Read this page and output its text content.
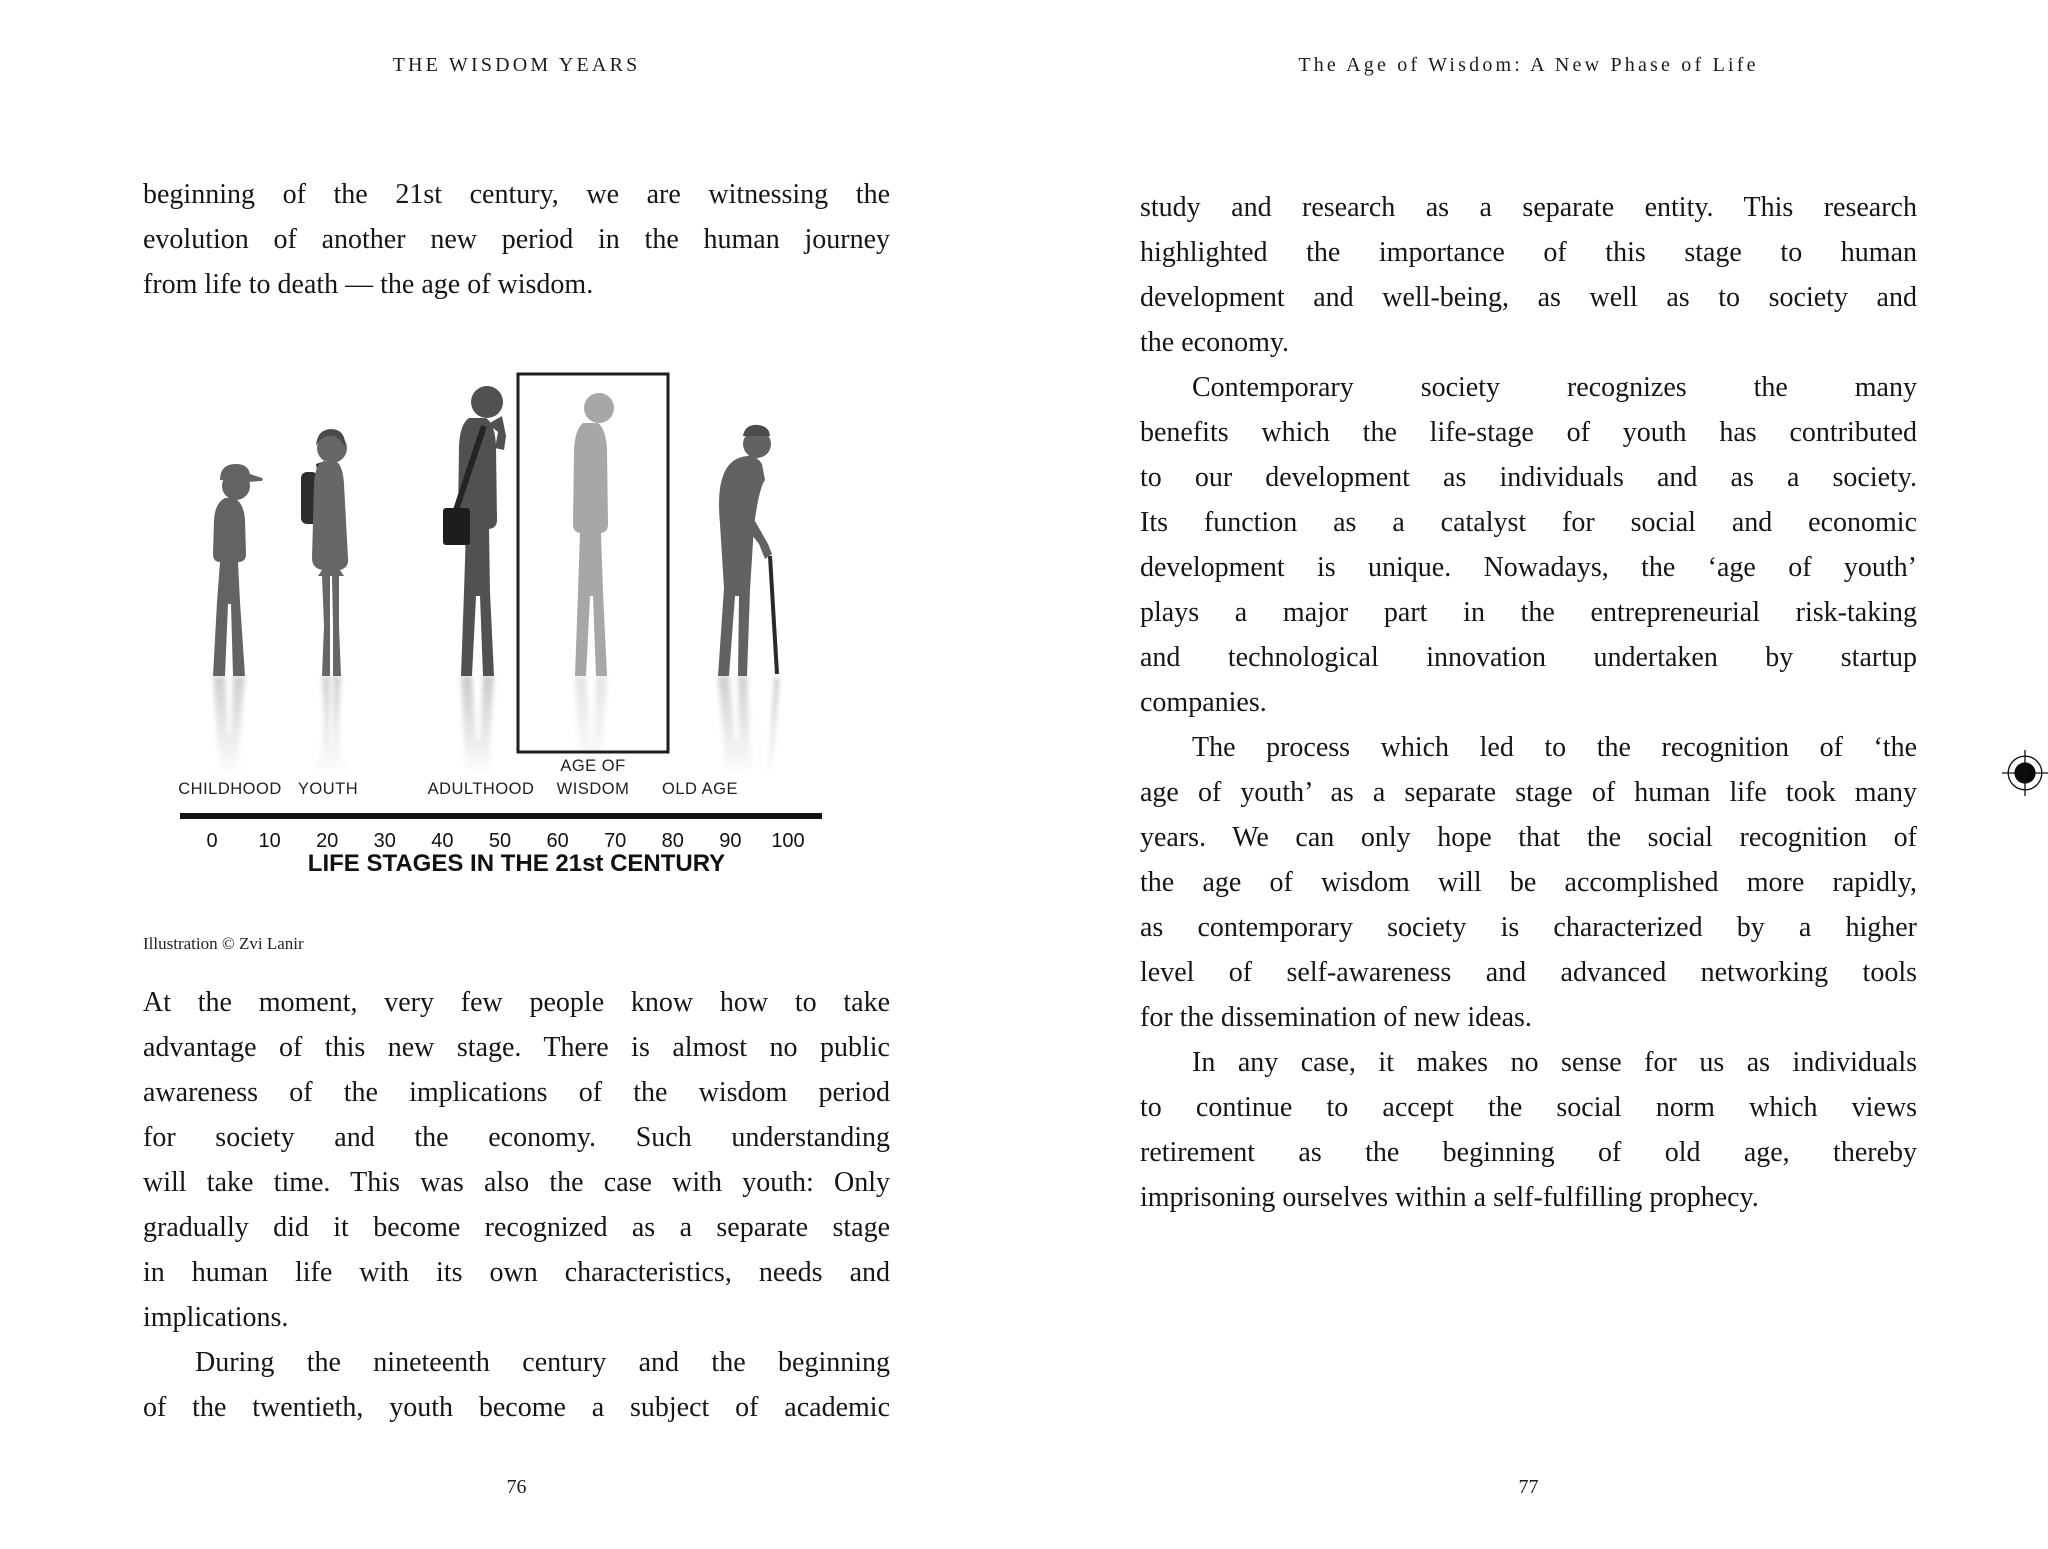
THE WISDOM YEARS
beginning of the 21st century, we are witnessing the
evolution of another new period in the human journey
from life to death — the age of wisdom.
CHILDHOOD YOUTH	ADULTHOOD
AGE OF
WISDOM OLD AGE
0 10 20 30 40 50 60 70 80 90 100
LIFE STAGES IN THE 21st CENTURY
Illustration © Zvi Lanir
At the moment, very few people know how to take
advantage of this new stage. There is almost no public
awareness of the implications of the wisdom period
for society and the economy. Such understanding
will take time. This was also the case with youth: Only
gradually did it become recognized as a separate stage
in human life with its own characteristics, needs and
implications.
During the nineteenth century and the beginning
of the twentieth, youth become a subject of academic
76
The Age of Wisdom: A New Phase of Life
study and research as a separate entity. This research
highlighted the importance of this stage to human
development and well-being, as well as to society and
the economy.
Contemporary society recognizes the many
benefits which the life-stage of youth has contributed
to our development as individuals and as a society.
Its function as a catalyst for social and economic
development is unique. Nowadays, the ‘age of youth’
plays a major part in the entrepreneurial risk-taking
and technological innovation undertaken by startup
companies.
The process which led to the recognition of ‘the
age of youth’ as a separate stage of human life took many
years. We can only hope that the social recognition of
the age of wisdom will be accomplished more rapidly,
as contemporary society is characterized by a higher
level of self-awareness and advanced networking tools
for the dissemination of new ideas.
In any case, it makes no sense for us as individuals
to continue to accept the social norm which views
retirement as the beginning of old age, thereby
imprisoning ourselves within a self-fulfilling prophecy.
77
